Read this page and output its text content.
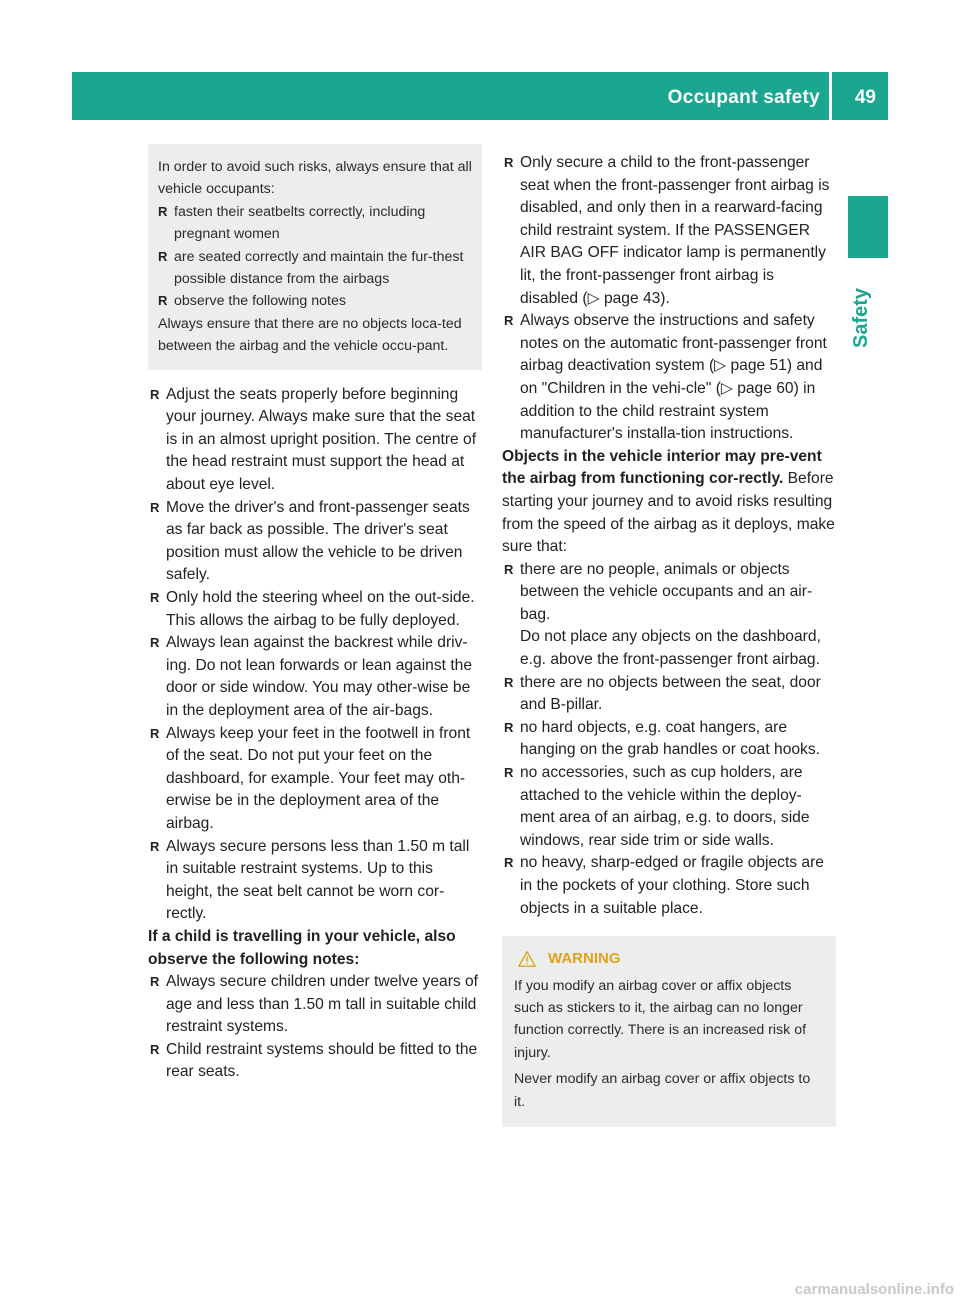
Occupant safety 49
Safety
In order to avoid such risks, always ensure that all vehicle occupants:
R fasten their seatbelts correctly, including pregnant women
R are seated correctly and maintain the fur-thest possible distance from the airbags
R observe the following notes
Always ensure that there are no objects loca-ted between the airbag and the vehicle occu-pant.
R Adjust the seats properly before beginning your journey. Always make sure that the seat is in an almost upright position. The centre of the head restraint must support the head at about eye level.
R Move the driver's and front-passenger seats as far back as possible. The driver's seat position must allow the vehicle to be driven safely.
R Only hold the steering wheel on the out-side. This allows the airbag to be fully deployed.
R Always lean against the backrest while driv-ing. Do not lean forwards or lean against the door or side window. You may other-wise be in the deployment area of the air-bags.
R Always keep your feet in the footwell in front of the seat. Do not put your feet on the dashboard, for example. Your feet may oth-erwise be in the deployment area of the airbag.
R Always secure persons less than 1.50 m tall in suitable restraint systems. Up to this height, the seat belt cannot be worn cor-rectly.
If a child is travelling in your vehicle, also observe the following notes:
R Always secure children under twelve years of age and less than 1.50 m tall in suitable child restraint systems.
R Child restraint systems should be fitted to the rear seats.
R Only secure a child to the front-passenger seat when the front-passenger front airbag is disabled, and only then in a rearward-facing child restraint system. If the PASSENGER AIR BAG OFF indicator lamp is permanently lit, the front-passenger front airbag is disabled (▷ page 43).
R Always observe the instructions and safety notes on the automatic front-passenger front airbag deactivation system (▷ page 51) and on "Children in the vehi-cle" (▷ page 60) in addition to the child restraint system manufacturer's installa-tion instructions.
Objects in the vehicle interior may pre-vent the airbag from functioning cor-rectly. Before starting your journey and to avoid risks resulting from the speed of the airbag as it deploys, make sure that:
R there are no people, animals or objects between the vehicle occupants and an air-bag.
Do not place any objects on the dashboard, e.g. above the front-passenger front airbag.
R there are no objects between the seat, door and B-pillar.
R no hard objects, e.g. coat hangers, are hanging on the grab handles or coat hooks.
R no accessories, such as cup holders, are attached to the vehicle within the deploy-ment area of an airbag, e.g. to doors, side windows, rear side trim or side walls.
R no heavy, sharp-edged or fragile objects are in the pockets of your clothing. Store such objects in a suitable place.
WARNING
If you modify an airbag cover or affix objects such as stickers to it, the airbag can no longer function correctly. There is an increased risk of injury.
Never modify an airbag cover or affix objects to it.
carmanualsonline.info
